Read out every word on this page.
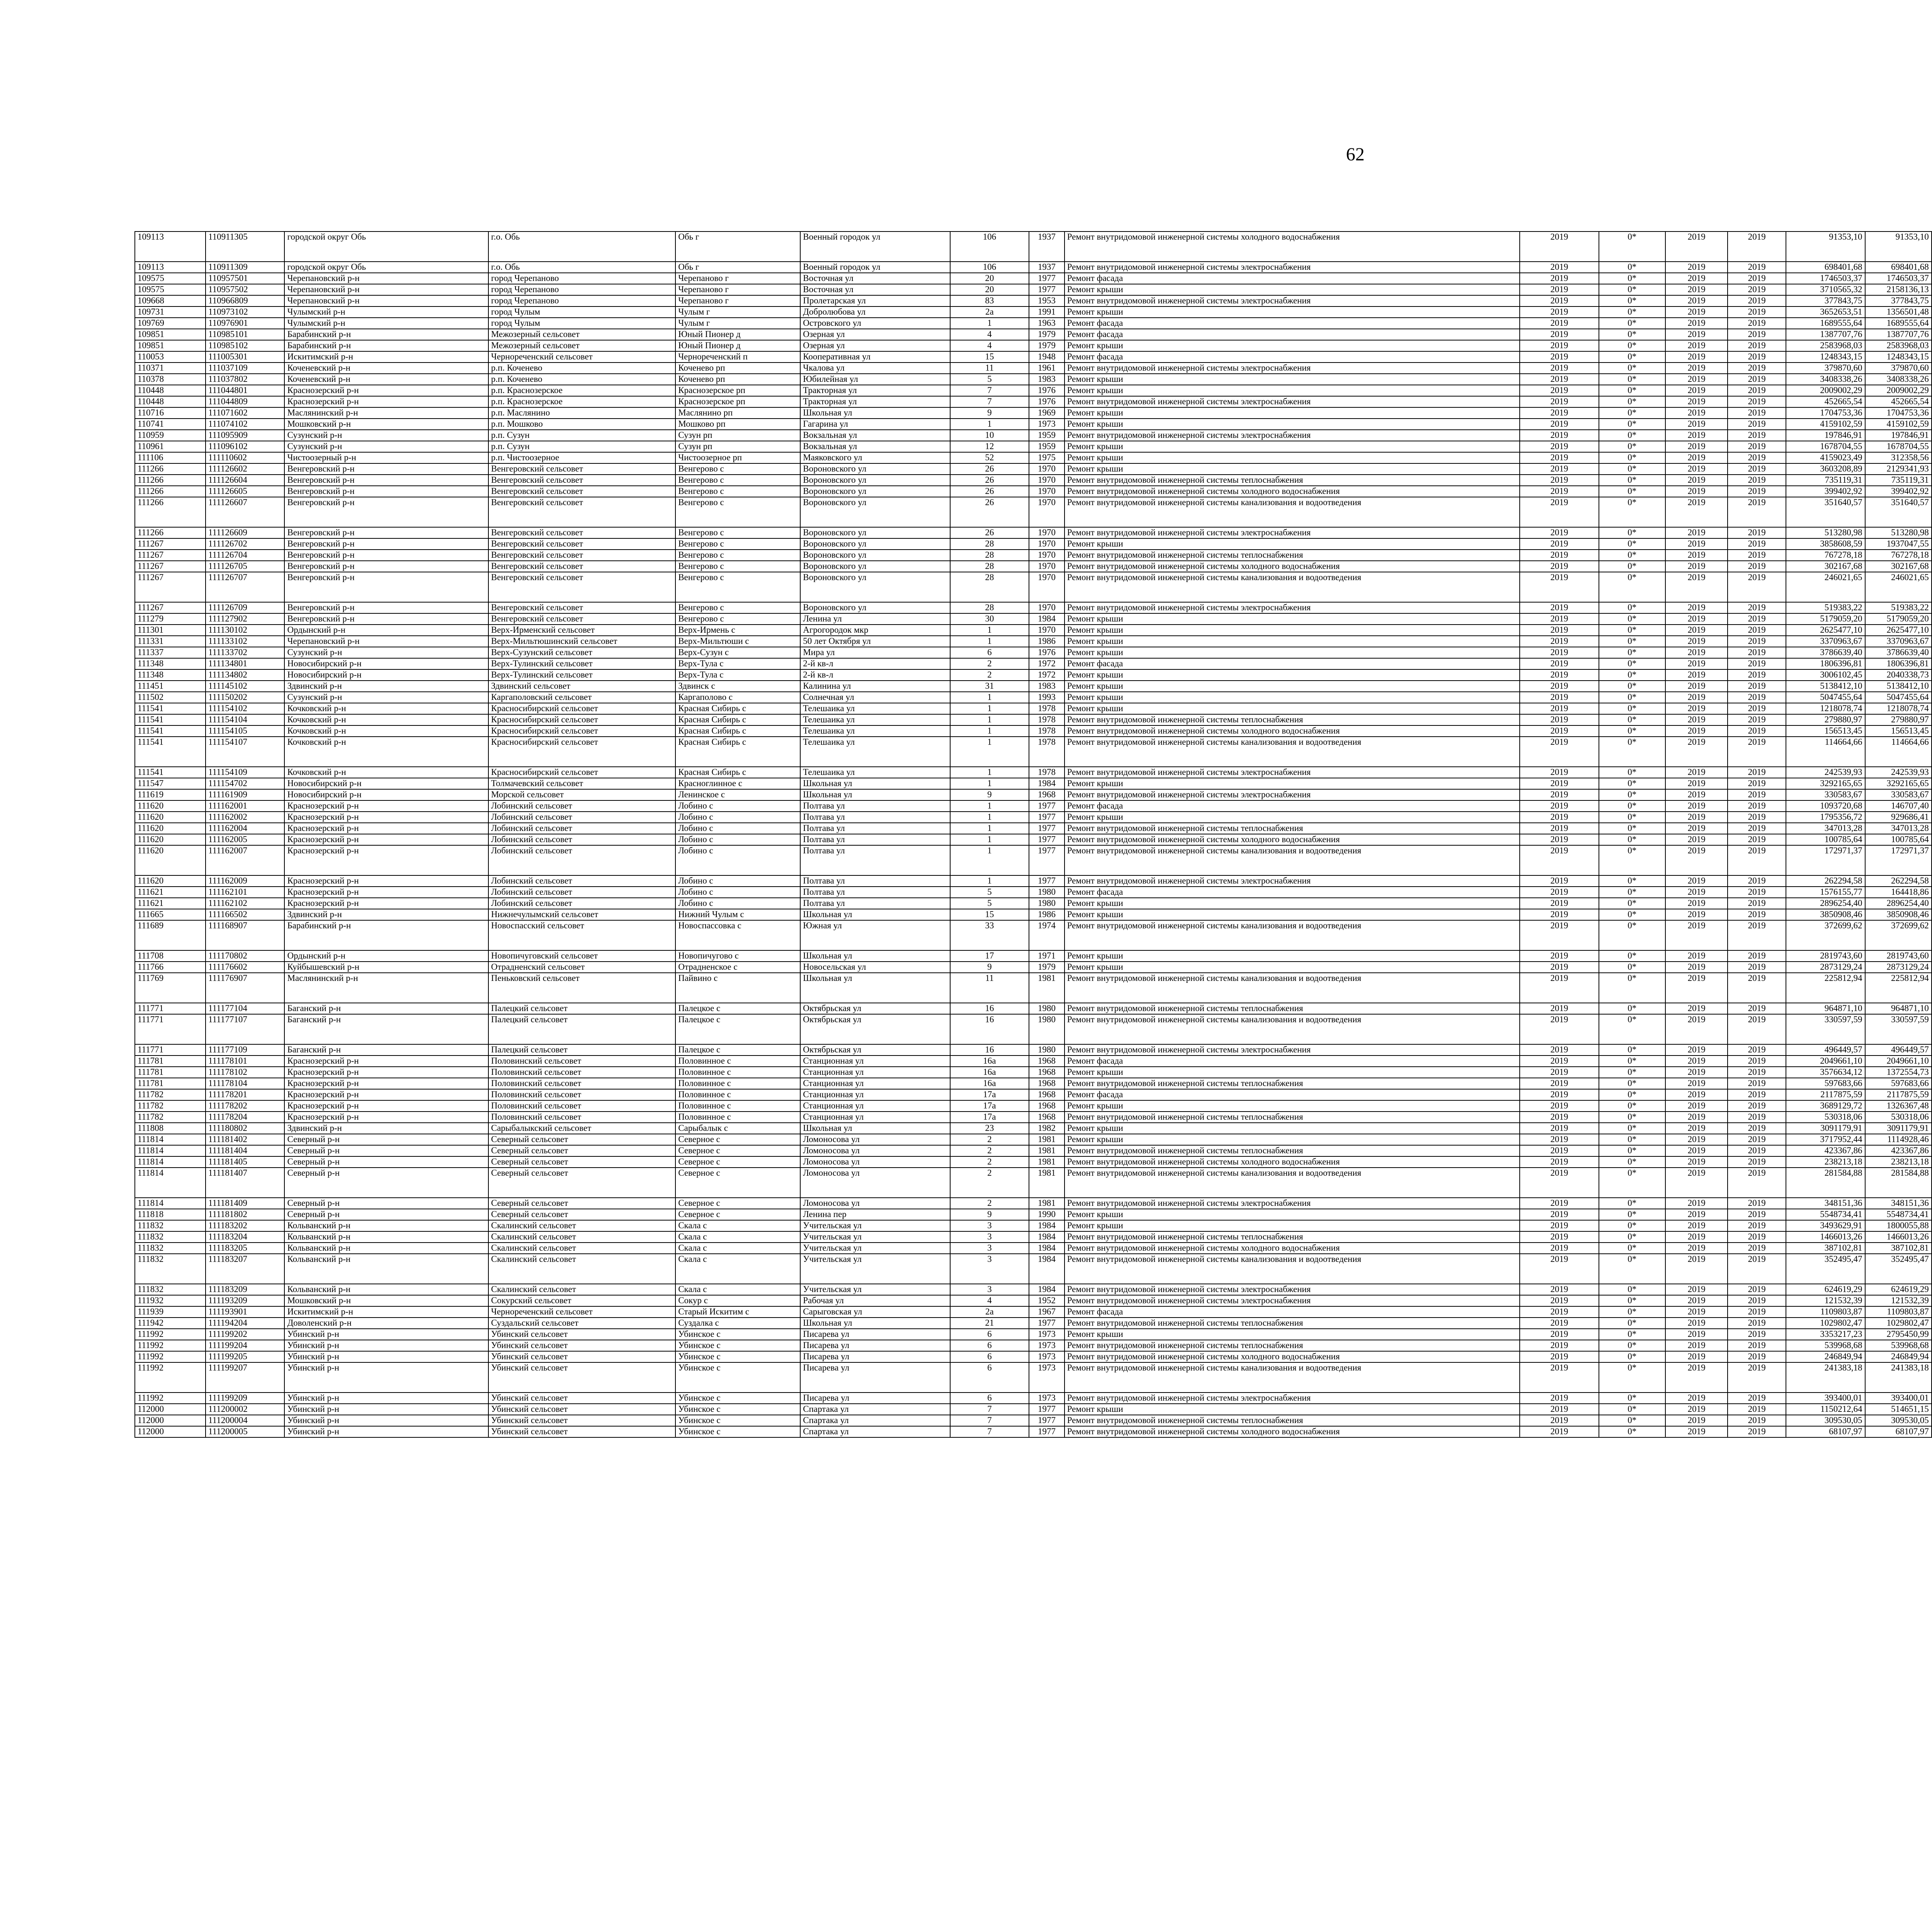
62
109113	110911305	городской округ Обь	г.о. Обь	Обь г	Военный городок ул	106	1937	Ремонт внутридомовой инженерной системы холодного водоснабжения	2019	0*	2019	2019	91353,10	91353,10										
109113	110911309	городской округ Обь	г.о. Обь	Обь г	Военный городок ул	106	1937	Ремонт внутридомовой инженерной системы электроснабжения	2019	0*	2019	2019	698401,68	698401,68										
109575	110957501	Черепановский р-н	город Черепаново	Черепаново г	Восточная ул	20	1977	Ремонт фасада	2019	0*	2019	2019	1746503,37	1746503,37										
109575	110957502	Черепановский р-н	город Черепаново	Черепаново г	Восточная ул	20	1977	Ремонт крыши	2019	0*	2019	2019	3710565,32	2158136,13										
109668	110966809	Черепановский р-н	город Черепаново	Черепаново г	Пролетарская ул	83	1953	Ремонт внутридомовой инженерной системы электроснабжения	2019	0*	2019	2019	377843,75	377843,75										
109731	110973102	Чулымский р-н	город Чулым	Чулым г	Добролюбова ул	2а	1991	Ремонт крыши	2019	0*	2019	2019	3652653,51	1356501,48										
109769	110976901	Чулымский р-н	город Чулым	Чулым г	Островского ул	1	1963	Ремонт фасада	2019	0*	2019	2019	1689555,64	1689555,64										
109851	110985101	Барабинский р-н	Межозерный сельсовет	Юный Пионер д	Озерная ул	4	1979	Ремонт фасада	2019	0*	2019	2019	1387707,76	1387707,76										
109851	110985102	Барабинский р-н	Межозерный сельсовет	Юный Пионер д	Озерная ул	4	1979	Ремонт крыши	2019	0*	2019	2019	2583968,03	2583968,03										
110053	111005301	Искитимский р-н	Чернореченский сельсовет	Чернореченский п	Кооперативная ул	15	1948	Ремонт фасада	2019	0*	2019	2019	1248343,15	1248343,15										
110371	111037109	Коченевский р-н	р.п. Коченево	Коченево рп	Чкалова ул	11	1961	Ремонт внутридомовой инженерной системы электроснабжения	2019	0*	2019	2019	379870,60	379870,60										
110378	111037802	Коченевский р-н	р.п. Коченево	Коченево рп	Юбилейная ул	5	1983	Ремонт крыши	2019	0*	2019	2019	3408338,26	3408338,26										
110448	111044801	Краснозерский р-н	р.п. Краснозерское	Краснозерское рп	Тракторная ул	7	1976	Ремонт крыши	2019	0*	2019	2019	2009002,29	2009002,29										
110448	111044809	Краснозерский р-н	р.п. Краснозерское	Краснозерское рп	Тракторная ул	7	1976	Ремонт внутридомовой инженерной системы электроснабжения	2019	0*	2019	2019	452665,54	452665,54										
110716	111071602	Маслянинский р-н	р.п. Маслянино	Маслянино рп	Школьная ул	9	1969	Ремонт крыши	2019	0*	2019	2019	1704753,36	1704753,36										
110741	111074102	Мошковский р-н	р.п. Мошково	Мошково рп	Гагарина ул	1	1973	Ремонт крыши	2019	0*	2019	2019	4159102,59	4159102,59										
110959	111095909	Сузунский р-н	р.п. Сузун	Сузун рп	Вокзальная ул	10	1959	Ремонт внутридомовой инженерной системы электроснабжения	2019	0*	2019	2019	197846,91	197846,91										
110961	111096102	Сузунский р-н	р.п. Сузун	Сузун рп	Вокзальная ул	12	1959	Ремонт крыши	2019	0*	2019	2019	1678704,55	1678704,55										
111106	111110602	Чистоозерный р-н	р.п. Чистоозерное	Чистоозерное рп	Маяковского ул	52	1975	Ремонт крыши	2019	0*	2019	2019	4159023,49	312358,56										
111266	111126602	Венгеровский р-н	Венгеровский сельсовет	Венгерово с	Вороновского ул	26	1970	Ремонт крыши	2019	0*	2019	2019	3603208,89	2129341,93										
111266	111126604	Венгеровский р-н	Венгеровский сельсовет	Венгерово с	Вороновского ул	26	1970	Ремонт внутридомовой инженерной системы теплоснабжения	2019	0*	2019	2019	735119,31	735119,31										
111266	111126605	Венгеровский р-н	Венгеровский сельсовет	Венгерово с	Вороновского ул	26	1970	Ремонт внутридомовой инженерной системы холодного водоснабжения	2019	0*	2019	2019	399402,92	399402,92										
111266	111126607	Венгеровский р-н	Венгеровский сельсовет	Венгерово с	Вороновского ул	26	1970	Ремонт внутридомовой инженерной системы канализования и водоотведения	2019	0*	2019	2019	351640,57	351640,57										
111266	111126609	Венгеровский р-н	Венгеровский сельсовет	Венгерово с	Вороновского ул	26	1970	Ремонт внутридомовой инженерной системы электроснабжения	2019	0*	2019	2019	513280,98	513280,98										
111267	111126702	Венгеровский р-н	Венгеровский сельсовет	Венгерово с	Вороновского ул	28	1970	Ремонт крыши	2019	0*	2019	2019	3858608,59	1937047,55										
111267	111126704	Венгеровский р-н	Венгеровский сельсовет	Венгерово с	Вороновского ул	28	1970	Ремонт внутридомовой инженерной системы теплоснабжения	2019	0*	2019	2019	767278,18	767278,18										
111267	111126705	Венгеровский р-н	Венгеровский сельсовет	Венгерово с	Вороновского ул	28	1970	Ремонт внутридомовой инженерной системы холодного водоснабжения	2019	0*	2019	2019	302167,68	302167,68										
111267	111126707	Венгеровский р-н	Венгеровский сельсовет	Венгерово с	Вороновского ул	28	1970	Ремонт внутридомовой инженерной системы канализования и водоотведения	2019	0*	2019	2019	246021,65	246021,65										
111267	111126709	Венгеровский р-н	Венгеровский сельсовет	Венгерово с	Вороновского ул	28	1970	Ремонт внутридомовой инженерной системы электроснабжения	2019	0*	2019	2019	519383,22	519383,22										
111279	111127902	Венгеровский р-н	Венгеровский сельсовет	Венгерово с	Ленина ул	30	1984	Ремонт крыши	2019	0*	2019	2019	5179059,20	5179059,20										
111301	111130102	Ордынский р-н	Верх-Ирменский сельсовет	Верх-Ирмень с	Агрогородок мкр	1	1970	Ремонт крыши	2019	0*	2019	2019	2625477,10	2625477,10										
111331	111133102	Черепановский р-н	Верх-Мильтюшинский сельсовет	Верх-Мильтюши с	50 лет Октября ул	1	1986	Ремонт крыши	2019	0*	2019	2019	3370963,67	3370963,67										
111337	111133702	Сузунский р-н	Верх-Сузунский сельсовет	Верх-Сузун с	Мира ул	6	1976	Ремонт крыши	2019	0*	2019	2019	3786639,40	3786639,40										
111348	111134801	Новосибирский р-н	Верх-Тулинский сельсовет	Верх-Тула с	2-й кв-л	2	1972	Ремонт фасада	2019	0*	2019	2019	1806396,81	1806396,81										
111348	111134802	Новосибирский р-н	Верх-Тулинский сельсовет	Верх-Тула с	2-й кв-л	2	1972	Ремонт крыши	2019	0*	2019	2019	3006102,45	2040338,73										
111451	111145102	Здвинский р-н	Здвинский сельсовет	Здвинск с	Калинина ул	31	1983	Ремонт крыши	2019	0*	2019	2019	5138412,10	5138412,10										
111502	111150202	Сузунский р-н	Каргаполовский сельсовет	Каргаполово с	Солнечная ул	1	1993	Ремонт крыши	2019	0*	2019	2019	5047455,64	5047455,64										
111541	111154102	Кочковский р-н	Красносибирский сельсовет	Красная Сибирь с	Телешаика ул	1	1978	Ремонт крыши	2019	0*	2019	2019	1218078,74	1218078,74										
111541	111154104	Кочковский р-н	Красносибирский сельсовет	Красная Сибирь с	Телешаика ул	1	1978	Ремонт внутридомовой инженерной системы теплоснабжения	2019	0*	2019	2019	279880,97	279880,97										
111541	111154105	Кочковский р-н	Красносибирский сельсовет	Красная Сибирь с	Телешаика ул	1	1978	Ремонт внутридомовой инженерной системы холодного водоснабжения	2019	0*	2019	2019	156513,45	156513,45										
111541	111154107	Кочковский р-н	Красносибирский сельсовет	Красная Сибирь с	Телешаика ул	1	1978	Ремонт внутридомовой инженерной системы канализования и водоотведения	2019	0*	2019	2019	114664,66	114664,66										
111541	111154109	Кочковский р-н	Красносибирский сельсовет	Красная Сибирь с	Телешаика ул	1	1978	Ремонт внутридомовой инженерной системы электроснабжения	2019	0*	2019	2019	242539,93	242539,93										
111547	111154702	Новосибирский р-н	Толмачевский сельсовет	Красноглинное с	Школьная ул	1	1984	Ремонт крыши	2019	0*	2019	2019	3292165,65	3292165,65										
111619	111161909	Новосибирский р-н	Морской сельсовет	Ленинское с	Школьная ул	9	1968	Ремонт внутридомовой инженерной системы электроснабжения	2019	0*	2019	2019	330583,67	330583,67										
111620	111162001	Краснозерский р-н	Лобинский сельсовет	Лобино с	Полтава ул	1	1977	Ремонт фасада	2019	0*	2019	2019	1093720,68	146707,40										
111620	111162002	Краснозерский р-н	Лобинский сельсовет	Лобино с	Полтава ул	1	1977	Ремонт крыши	2019	0*	2019	2019	1795356,72	929686,41										
111620	111162004	Краснозерский р-н	Лобинский сельсовет	Лобино с	Полтава ул	1	1977	Ремонт внутридомовой инженерной системы теплоснабжения	2019	0*	2019	2019	347013,28	347013,28										
111620	111162005	Краснозерский р-н	Лобинский сельсовет	Лобино с	Полтава ул	1	1977	Ремонт внутридомовой инженерной системы холодного водоснабжения	2019	0*	2019	2019	100785,64	100785,64										
111620	111162007	Краснозерский р-н	Лобинский сельсовет	Лобино с	Полтава ул	1	1977	Ремонт внутридомовой инженерной системы канализования и водоотведения	2019	0*	2019	2019	172971,37	172971,37										
111620	111162009	Краснозерский р-н	Лобинский сельсовет	Лобино с	Полтава ул	1	1977	Ремонт внутридомовой инженерной системы электроснабжения	2019	0*	2019	2019	262294,58	262294,58										
111621	111162101	Краснозерский р-н	Лобинский сельсовет	Лобино с	Полтава ул	5	1980	Ремонт фасада	2019	0*	2019	2019	1576155,77	164418,86										
111621	111162102	Краснозерский р-н	Лобинский сельсовет	Лобино с	Полтава ул	5	1980	Ремонт крыши	2019	0*	2019	2019	2896254,40	2896254,40										
111665	111166502	Здвинский р-н	Нижнечулымский сельсовет	Нижний Чулым с	Школьная ул	15	1986	Ремонт крыши	2019	0*	2019	2019	3850908,46	3850908,46										
111689	111168907	Барабинский р-н	Новоспасский сельсовет	Новоспассовка с	Южная ул	33	1974	Ремонт внутридомовой инженерной системы канализования и водоотведения	2019	0*	2019	2019	372699,62	372699,62										
111708	111170802	Ордынский р-н	Новопичуговский сельсовет	Новопичугово с	Школьная ул	17	1971	Ремонт крыши	2019	0*	2019	2019	2819743,60	2819743,60										
111766	111176602	Куйбышевский р-н	Отрадненский сельсовет	Отрадненское с	Новосельская ул	9	1979	Ремонт крыши	2019	0*	2019	2019	2873129,24	2873129,24										
111769	111176907	Маслянинский р-н	Пеньковский сельсовет	Пайвино с	Школьная ул	11	1981	Ремонт внутридомовой инженерной системы канализования и водоотведения	2019	0*	2019	2019	225812,94	225812,94										
111771	111177104	Баганский р-н	Палецкий сельсовет	Палецкое с	Октябрьская ул	16	1980	Ремонт внутридомовой инженерной системы теплоснабжения	2019	0*	2019	2019	964871,10	964871,10										
111771	111177107	Баганский р-н	Палецкий сельсовет	Палецкое с	Октябрьская ул	16	1980	Ремонт внутридомовой инженерной системы канализования и водоотведения	2019	0*	2019	2019	330597,59	330597,59										
111771	111177109	Баганский р-н	Палецкий сельсовет	Палецкое с	Октябрьская ул	16	1980	Ремонт внутридомовой инженерной системы электроснабжения	2019	0*	2019	2019	496449,57	496449,57										
111781	111178101	Краснозерский р-н	Половинский сельсовет	Половинное с	Станционная ул	16а	1968	Ремонт фасада	2019	0*	2019	2019	2049661,10	2049661,10										
111781	111178102	Краснозерский р-н	Половинский сельсовет	Половинное с	Станционная ул	16а	1968	Ремонт крыши	2019	0*	2019	2019	3576634,12	1372554,73										
111781	111178104	Краснозерский р-н	Половинский сельсовет	Половинное с	Станционная ул	16а	1968	Ремонт внутридомовой инженерной системы теплоснабжения	2019	0*	2019	2019	597683,66	597683,66										
111782	111178201	Краснозерский р-н	Половинский сельсовет	Половинное с	Станционная ул	17а	1968	Ремонт фасада	2019	0*	2019	2019	2117875,59	2117875,59										
111782	111178202	Краснозерский р-н	Половинский сельсовет	Половинное с	Станционная ул	17а	1968	Ремонт крыши	2019	0*	2019	2019	3689129,72	1326367,48										
111782	111178204	Краснозерский р-н	Половинский сельсовет	Половинное с	Станционная ул	17а	1968	Ремонт внутридомовой инженерной системы теплоснабжения	2019	0*	2019	2019	530318,06	530318,06										
111808	111180802	Здвинский р-н	Сарыбалыкский сельсовет	Сарыбалык с	Школьная ул	23	1982	Ремонт крыши	2019	0*	2019	2019	3091179,91	3091179,91										
111814	111181402	Северный р-н	Северный сельсовет	Северное с	Ломоносова ул	2	1981	Ремонт крыши	2019	0*	2019	2019	3717952,44	1114928,46										
111814	111181404	Северный р-н	Северный сельсовет	Северное с	Ломоносова ул	2	1981	Ремонт внутридомовой инженерной системы теплоснабжения	2019	0*	2019	2019	423367,86	423367,86										
111814	111181405	Северный р-н	Северный сельсовет	Северное с	Ломоносова ул	2	1981	Ремонт внутридомовой инженерной системы холодного водоснабжения	2019	0*	2019	2019	238213,18	238213,18										
111814	111181407	Северный р-н	Северный сельсовет	Северное с	Ломоносова ул	2	1981	Ремонт внутридомовой инженерной системы канализования и водоотведения	2019	0*	2019	2019	281584,88	281584,88										
111814	111181409	Северный р-н	Северный сельсовет	Северное с	Ломоносова ул	2	1981	Ремонт внутридомовой инженерной системы электроснабжения	2019	0*	2019	2019	348151,36	348151,36										
111818	111181802	Северный р-н	Северный сельсовет	Северное с	Ленина пер	9	1990	Ремонт крыши	2019	0*	2019	2019	5548734,41	5548734,41										
111832	111183202	Кольванский р-н	Скалинский сельсовет	Скала с	Учительская ул	3	1984	Ремонт крыши	2019	0*	2019	2019	3493629,91	1800055,88										
111832	111183204	Кольванский р-н	Скалинский сельсовет	Скала с	Учительская ул	3	1984	Ремонт внутридомовой инженерной системы теплоснабжения	2019	0*	2019	2019	1466013,26	1466013,26										
111832	111183205	Кольванский р-н	Скалинский сельсовет	Скала с	Учительская ул	3	1984	Ремонт внутридомовой инженерной системы холодного водоснабжения	2019	0*	2019	2019	387102,81	387102,81										
111832	111183207	Кольванский р-н	Скалинский сельсовет	Скала с	Учительская ул	3	1984	Ремонт внутридомовой инженерной системы канализования и водоотведения	2019	0*	2019	2019	352495,47	352495,47										
111832	111183209	Кольванский р-н	Скалинский сельсовет	Скала с	Учительская ул	3	1984	Ремонт внутридомовой инженерной системы электроснабжения	2019	0*	2019	2019	624619,29	624619,29										
111932	111193209	Мошковский р-н	Сокурский сельсовет	Сокур с	Рабочая ул	4	1952	Ремонт внутридомовой инженерной системы электроснабжения	2019	0*	2019	2019	121532,39	121532,39										
111939	111193901	Искитимский р-н	Чернореченский сельсовет	Старый Искитим с	Сарыговская ул	2а	1967	Ремонт фасада	2019	0*	2019	2019	1109803,87	1109803,87										
111942	111194204	Доволенский р-н	Суздальский сельсовет	Суздалка с	Школьная ул	21	1977	Ремонт внутридомовой инженерной системы теплоснабжения	2019	0*	2019	2019	1029802,47	1029802,47										
111992	111199202	Убинский р-н	Убинский сельсовет	Убинское с	Писарева ул	6	1973	Ремонт крыши	2019	0*	2019	2019	3353217,23	2795450,99										
111992	111199204	Убинский р-н	Убинский сельсовет	Убинское с	Писарева ул	6	1973	Ремонт внутридомовой инженерной системы теплоснабжения	2019	0*	2019	2019	539968,68	539968,68										
111992	111199205	Убинский р-н	Убинский сельсовет	Убинское с	Писарева ул	6	1973	Ремонт внутридомовой инженерной системы холодного водоснабжения	2019	0*	2019	2019	246849,94	246849,94										
111992	111199207	Убинский р-н	Убинский сельсовет	Убинское с	Писарева ул	6	1973	Ремонт внутридомовой инженерной системы канализования и водоотведения	2019	0*	2019	2019	241383,18	241383,18										
111992	111199209	Убинский р-н	Убинский сельсовет	Убинское с	Писарева ул	6	1973	Ремонт внутридомовой инженерной системы электроснабжения	2019	0*	2019	2019	393400,01	393400,01										
112000	111200002	Убинский р-н	Убинский сельсовет	Убинское с	Спартака ул	7	1977	Ремонт крыши	2019	0*	2019	2019	1150212,64	514651,15										
112000	111200004	Убинский р-н	Убинский сельсовет	Убинское с	Спартака ул	7	1977	Ремонт внутридомовой инженерной системы теплоснабжения	2019	0*	2019	2019	309530,05	309530,05										
112000	111200005	Убинский р-н	Убинский сельсовет	Убинское с	Спартака ул	7	1977	Ремонт внутридомовой инженерной системы холодного водоснабжения	2019	0*	2019	2019	68107,97	68107,97										
